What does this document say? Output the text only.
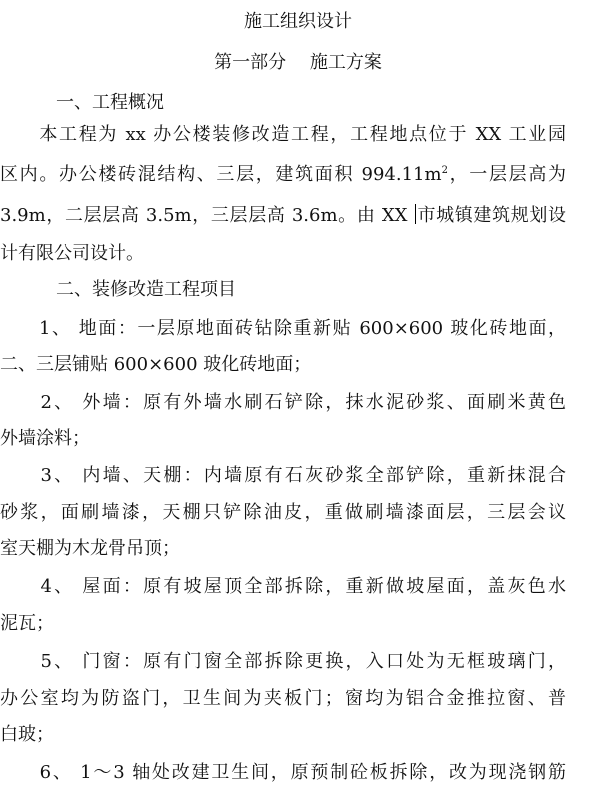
施工组织设计
第一部分　 施工方案
一、工程概况
　　本工程为 xx 办公楼装修改造工程，工程地点位于 XX 工业园
区内。办公楼砖混结构、三层，建筑面积 $994.11m^2$，一层层高为
3.9m，二层层高 3.5m，三层层高 3.6m。由 XX 市城镇建筑规划设
计有限公司设计。
二、装修改造工程项目
　　1、 地面：一层原地面砖钻除重新贴 600×600 玻化砖地面，
二、三层铺贴 600×600 玻化砖地面；
　　2、 外墙：原有外墙水刷石铲除，抹水泥砂浆、面刷米黄色
外墙涂料；
　　3、 内墙、天棚：内墙原有石灰砂浆全部铲除，重新抹混合
砂浆，面刷墙漆，天棚只铲除油皮，重做刷墙漆面层，三层会议
室天棚为木龙骨吊顶；
　　4、 屋面：原有坡屋顶全部拆除，重新做坡屋面，盖灰色水
泥瓦；
　　5、 门窗：原有门窗全部拆除更换，入口处为无框玻璃门，
办公室均为防盗门，卫生间为夹板门；窗均为铝合金推拉窗、普
白玻；
　　6、 1～3 轴处改建卫生间，原预制砼板拆除，改为现浇钢筋
